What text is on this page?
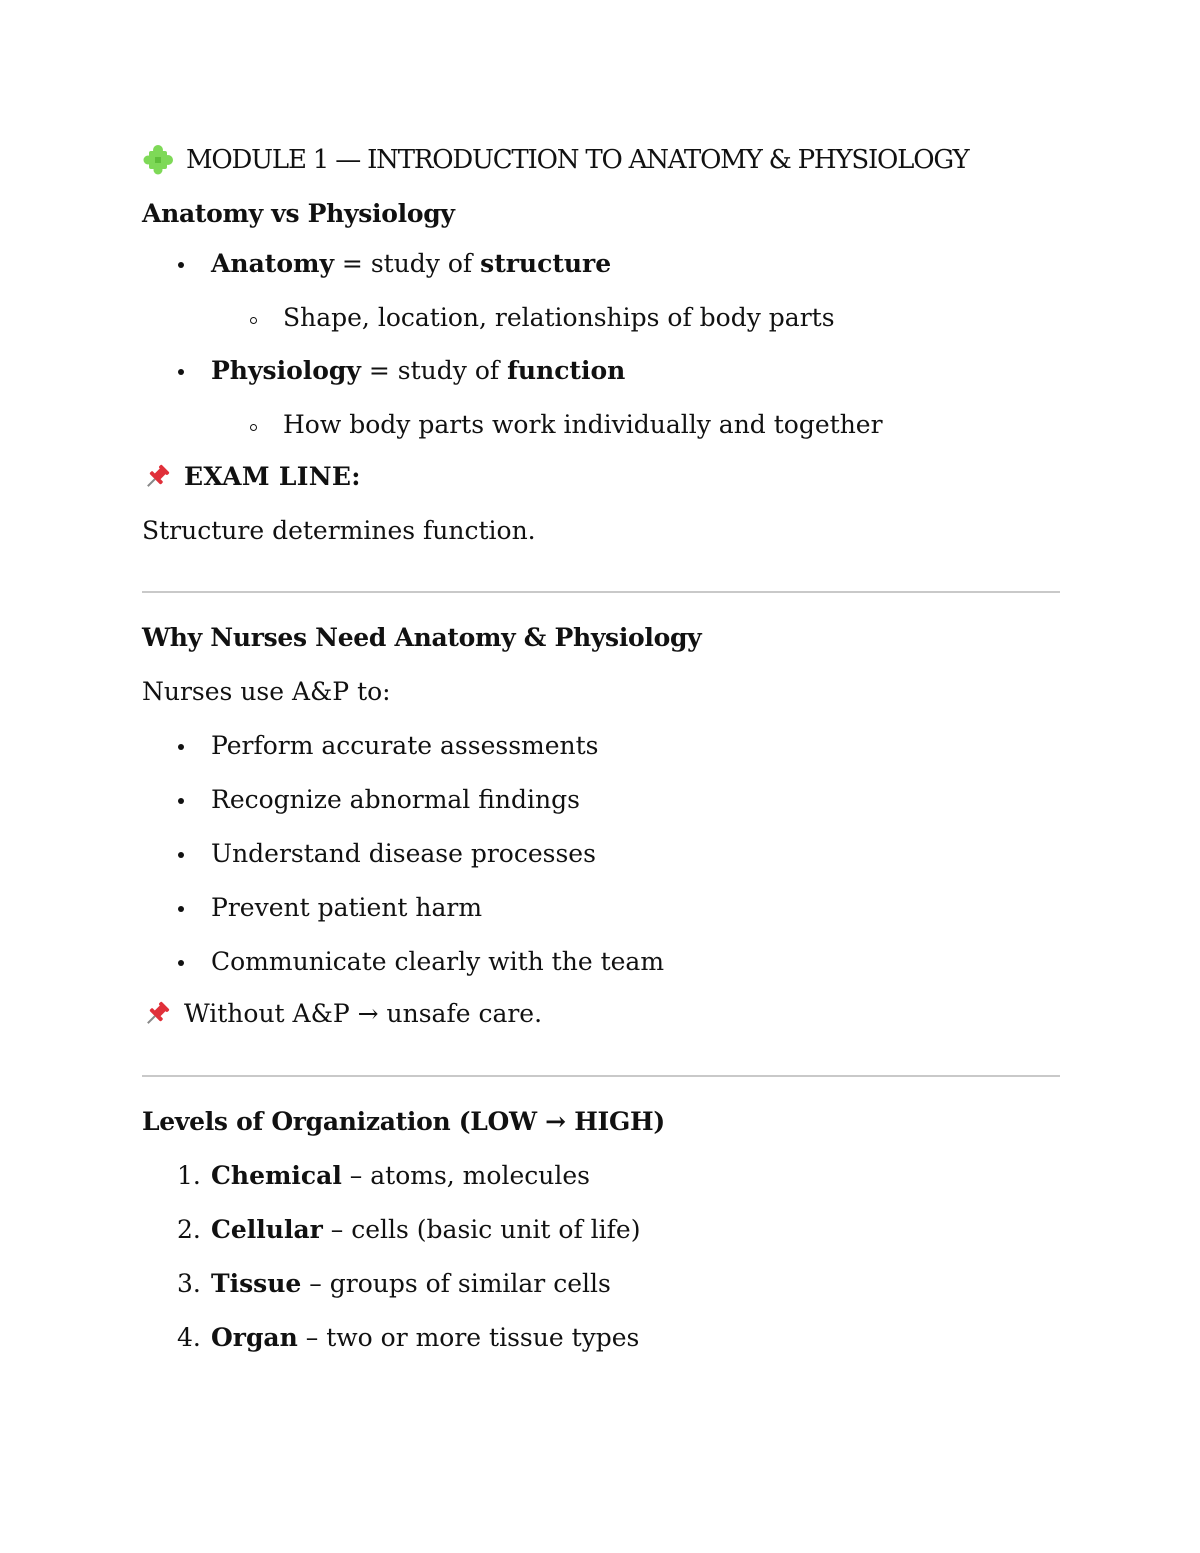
MODULE 1 — INTRODUCTION TO ANATOMY & PHYSIOLOGY
Anatomy vs Physiology
Anatomy = study of structure
Shape, location, relationships of body parts
Physiology = study of function
How body parts work individually and together
EXAM LINE:

Structure determines function.

Why Nurses Need Anatomy & Physiology

Nurses use A&P to:

Perform accurate assessments
Recognize abnormal findings
Understand disease processes
Prevent patient harm
Communicate clearly with the team
Without A&P → unsafe care.
Levels of Organization (LOW → HIGH)
1. Chemical – atoms, molecules
2. Cellular – cells (basic unit of life)
3. Tissue – groups of similar cells
4. Organ – two or more tissue types
